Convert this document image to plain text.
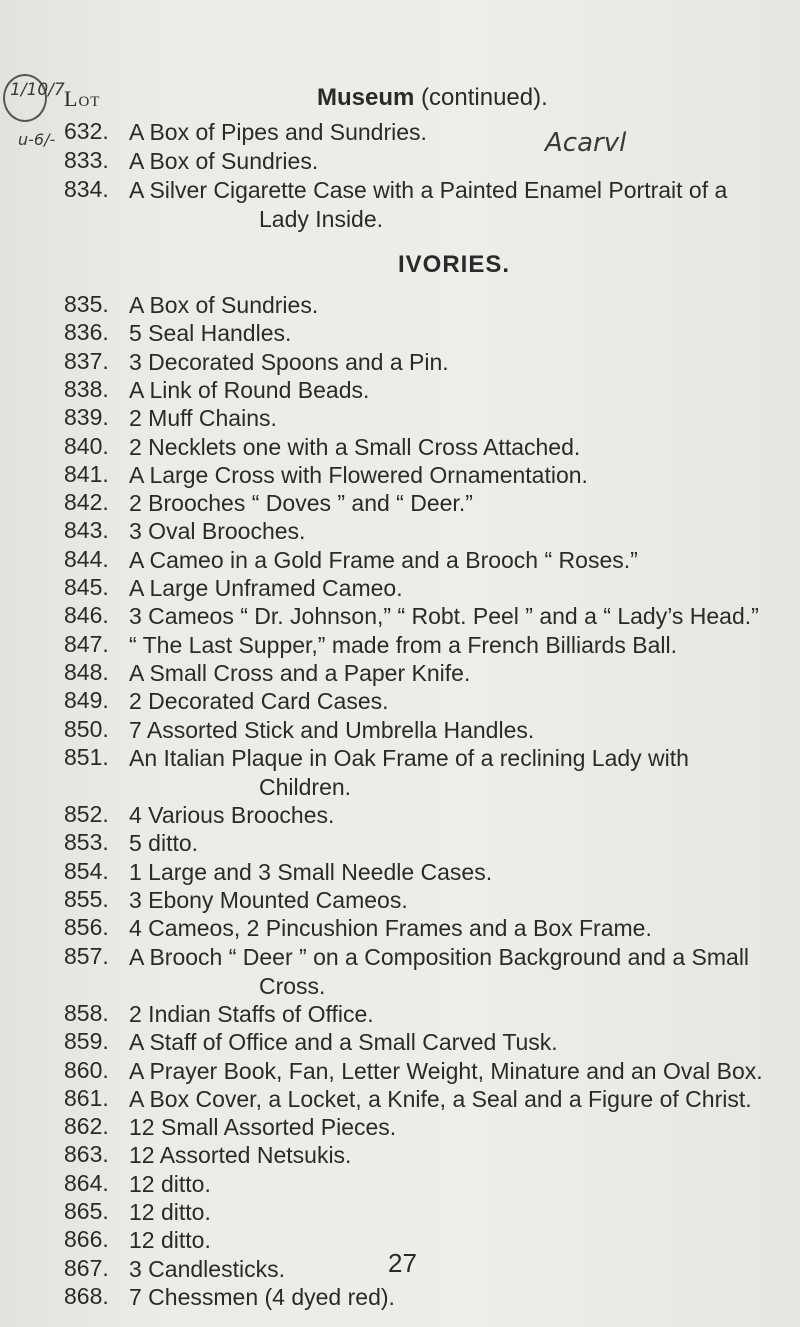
1/10/7
u-6/-	Acarvl
Lot	Museum (continued).
632. A Box of Pipes and Sundries.
833. A Box of Sundries.
834. A Silver Cigarette Case with a Painted Enamel Portrait of a
Lady Inside.
IVORIES.
835. A Box of Sundries.
836. 5 Seal Handles.
837. 3 Decorated Spoons and a Pin.
838. A Link of Round Beads.
839. 2 Muff Chains.
840. 2 Necklets one with a Small Cross Attached.
841. A Large Cross with Flowered Ornamentation.
842. 2 Brooches “ Doves ” and “ Deer.”
843. 3 Oval Brooches.
844. A Cameo in a Gold Frame and a Brooch “ Roses.”
845. A Large Unframed Cameo.
846. 3 Cameos “ Dr. Johnson,” “ Robt. Peel ” and a “ Lady’s Head.”
847. “ The Last Supper,” made from a French Billiards Ball.
848. A Small Cross and a Paper Knife.
849. 2 Decorated Card Cases.
850. 7 Assorted Stick and Umbrella Handles.
851. An Italian Plaque in Oak Frame of a reclining Lady with
Children.
852. 4 Various Brooches.
853. 5 ditto.
854. 1 Large and 3 Small Needle Cases.
855. 3 Ebony Mounted Cameos.
856. 4 Cameos, 2 Pincushion Frames and a Box Frame.
857. A Brooch “ Deer ” on a Composition Background and a Small
Cross.
858. 2 Indian Staffs of Office.
859. A Staff of Office and a Small Carved Tusk.
860. A Prayer Book, Fan, Letter Weight, Minature and an Oval Box.
861. A Box Cover, a Locket, a Knife, a Seal and a Figure of Christ.
862. 12 Small Assorted Pieces.
863. 12 Assorted Netsukis.
864. 12 ditto.
865. 12 ditto.
866. 12 ditto.
867. 3 Candlesticks.
868. 7 Chessmen (4 dyed red).
27
